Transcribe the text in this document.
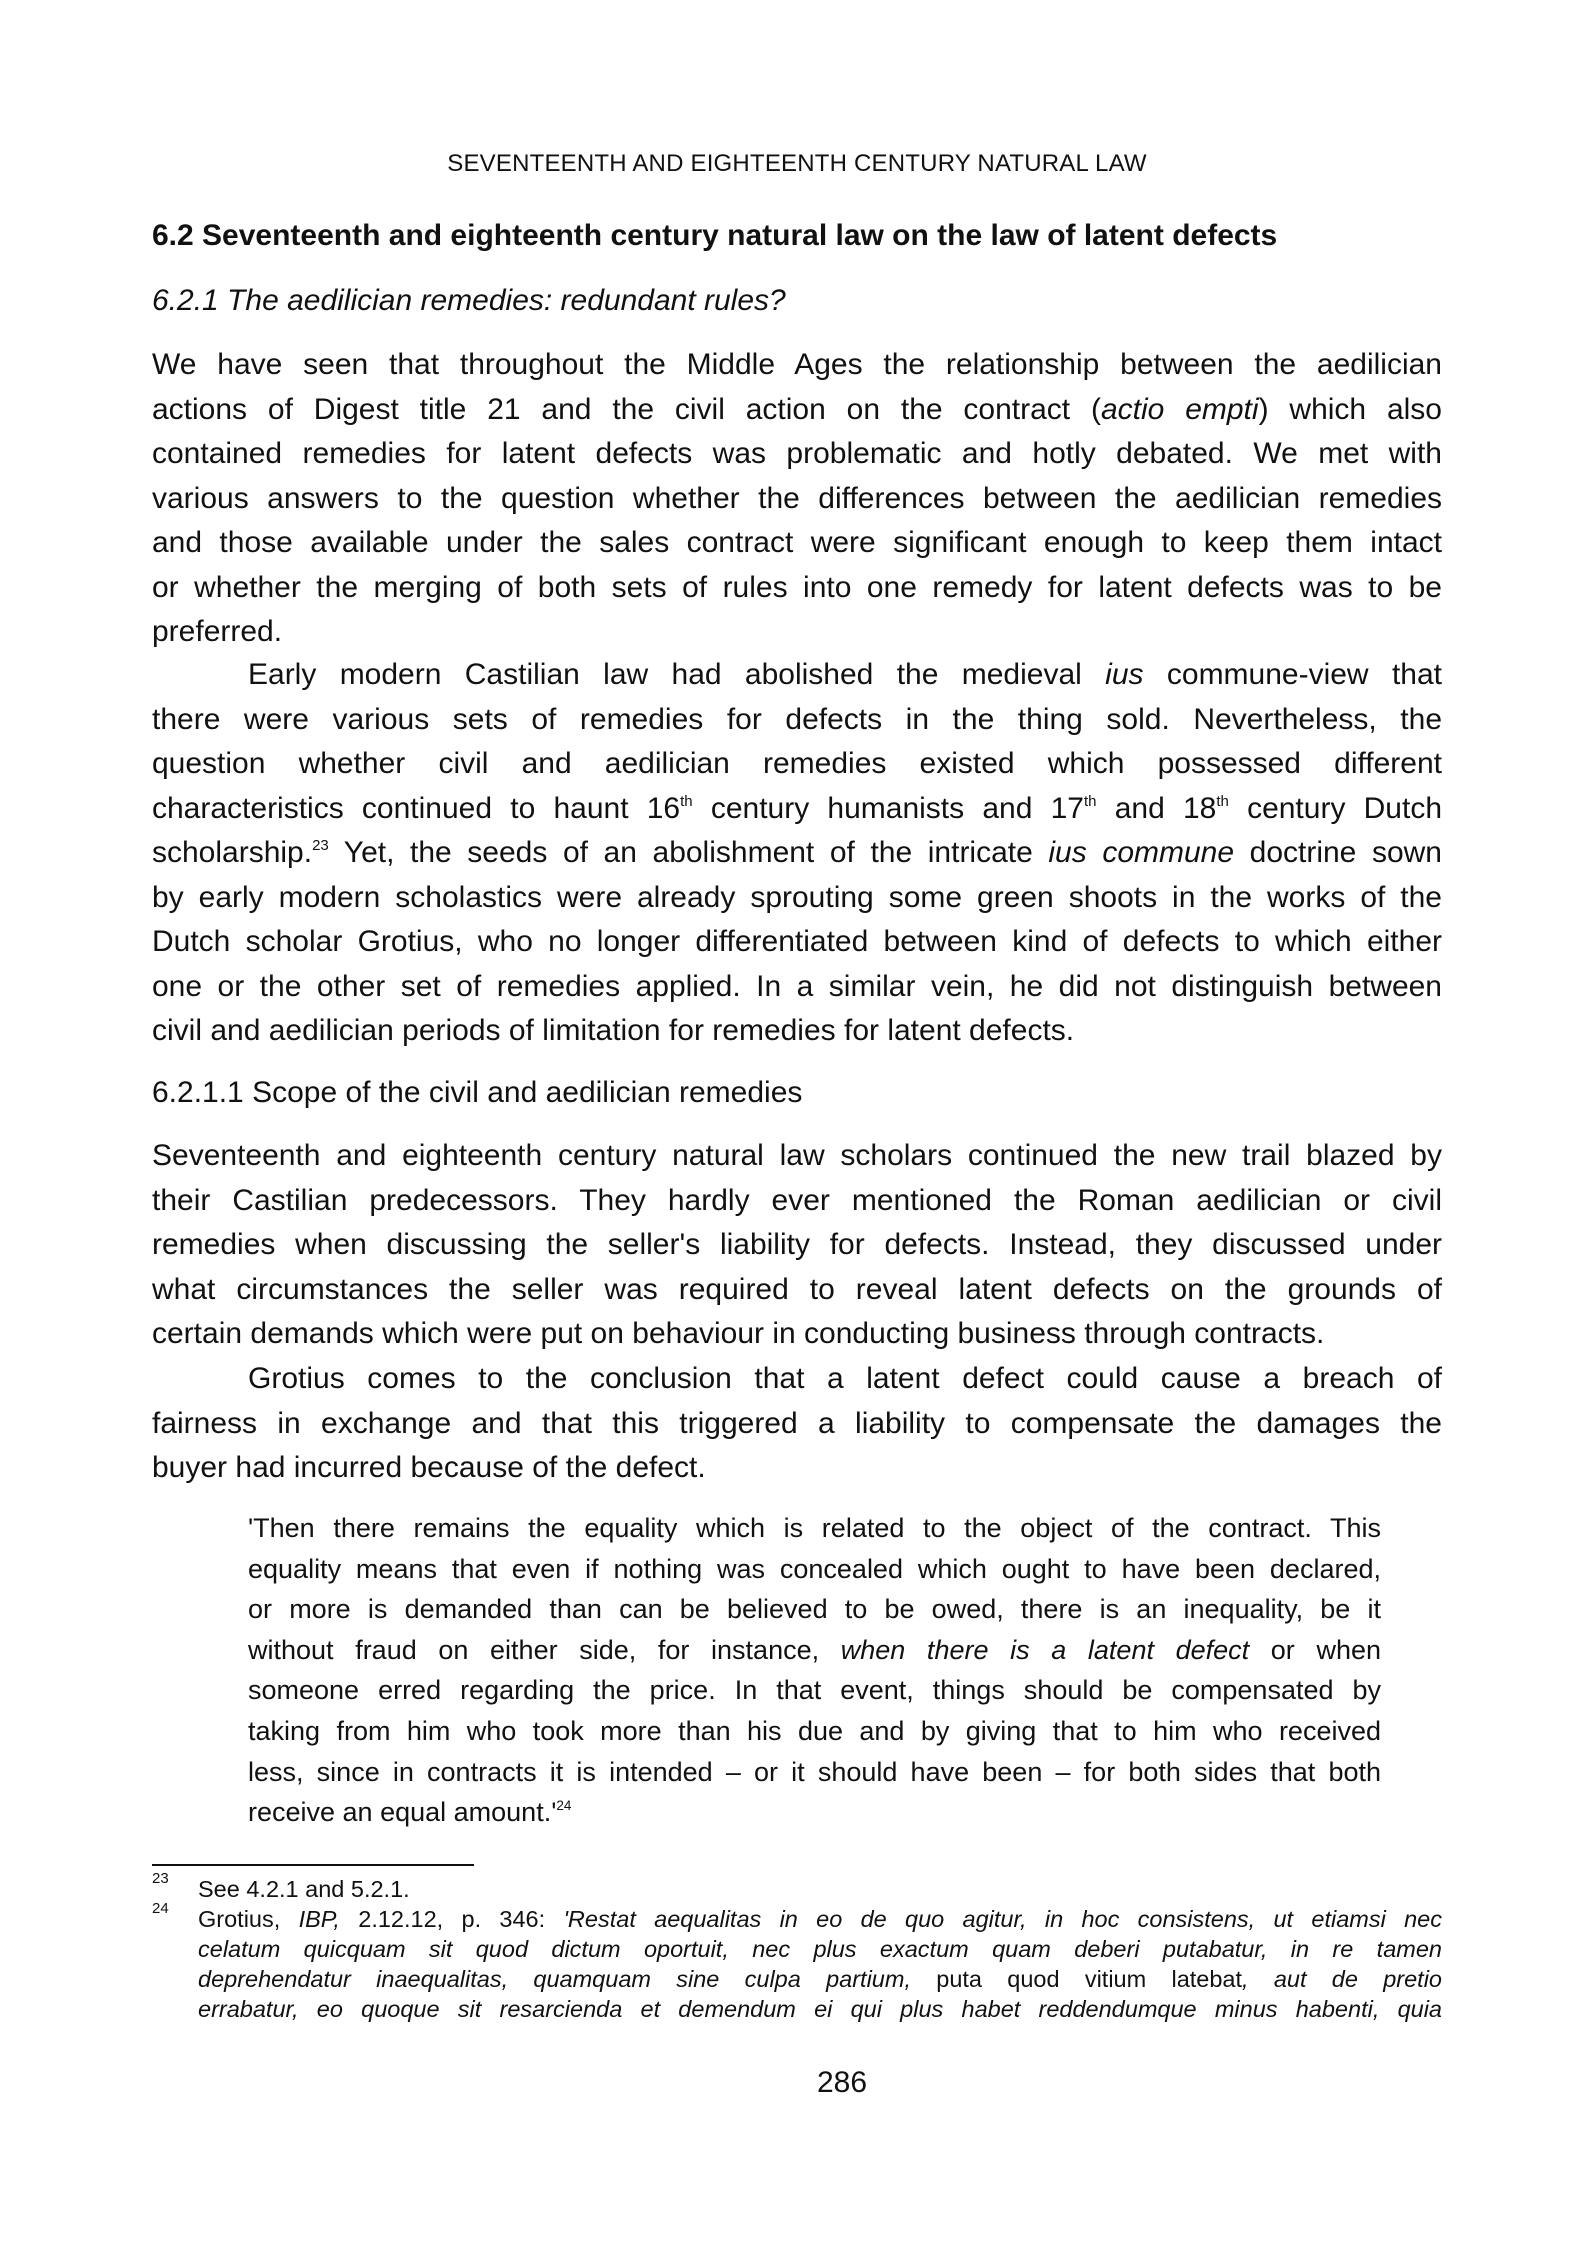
SEVENTEENTH AND EIGHTEENTH CENTURY NATURAL LAW
6.2 Seventeenth and eighteenth century natural law on the law of latent defects
6.2.1 The aedilician remedies: redundant rules?
We have seen that throughout the Middle Ages the relationship between the aedilician
actions of Digest title 21 and the civil action on the contract (actio empti) which also
contained remedies for latent defects was problematic and hotly debated. We met with
various answers to the question whether the differences between the aedilician remedies
and those available under the sales contract were significant enough to keep them intact
or whether the merging of both sets of rules into one remedy for latent defects was to be
preferred.
Early modern Castilian law had abolished the medieval ius commune-view that
there were various sets of remedies for defects in the thing sold. Nevertheless, the
question whether civil and aedilician remedies existed which possessed different
characteristics continued to haunt 16th century humanists and 17th and 18th century Dutch
scholarship.$^{23}$ Yet, the seeds of an abolishment of the intricate ius commune doctrine sown
by early modern scholastics were already sprouting some green shoots in the works of the
Dutch scholar Grotius, who no longer differentiated between kind of defects to which either
one or the other set of remedies applied. In a similar vein, he did not distinguish between
civil and aedilician periods of limitation for remedies for latent defects.
6.2.1.1 Scope of the civil and aedilician remedies
Seventeenth and eighteenth century natural law scholars continued the new trail blazed by
their Castilian predecessors. They hardly ever mentioned the Roman aedilician or civil
remedies when discussing the seller's liability for defects. Instead, they discussed under
what circumstances the seller was required to reveal latent defects on the grounds of
certain demands which were put on behaviour in conducting business through contracts.
Grotius comes to the conclusion that a latent defect could cause a breach of
fairness in exchange and that this triggered a liability to compensate the damages the
buyer had incurred because of the defect.
'Then there remains the equality which is related to the object of the contract. This
equality means that even if nothing was concealed which ought to have been declared,
or more is demanded than can be believed to be owed, there is an inequality, be it
without fraud on either side, for instance, when there is a latent defect or when
someone erred regarding the price. In that event, things should be compensated by
taking from him who took more than his due and by giving that to him who received
less, since in contracts it is intended – or it should have been – for both sides that both
receive an equal $amount.'^{24}$
23 See 4.2.1 and 5.2.1.
24 Grotius, IBP, 2.12.12, p. 346: 'Restat aequalitas in eo de quo agitur, in hoc consistens, ut etiamsi nec
celatum quicquam sit quod dictum oportuit, nec plus exactum quam deberi putabatur, in re tamen
deprehendatur inaequalitas, quamquam sine culpa partium, puta quod vitium latebat, aut de pretio
errabatur, eo quoque sit resarcienda et demendum ei qui plus habet reddendumque minus habenti, quia
286
